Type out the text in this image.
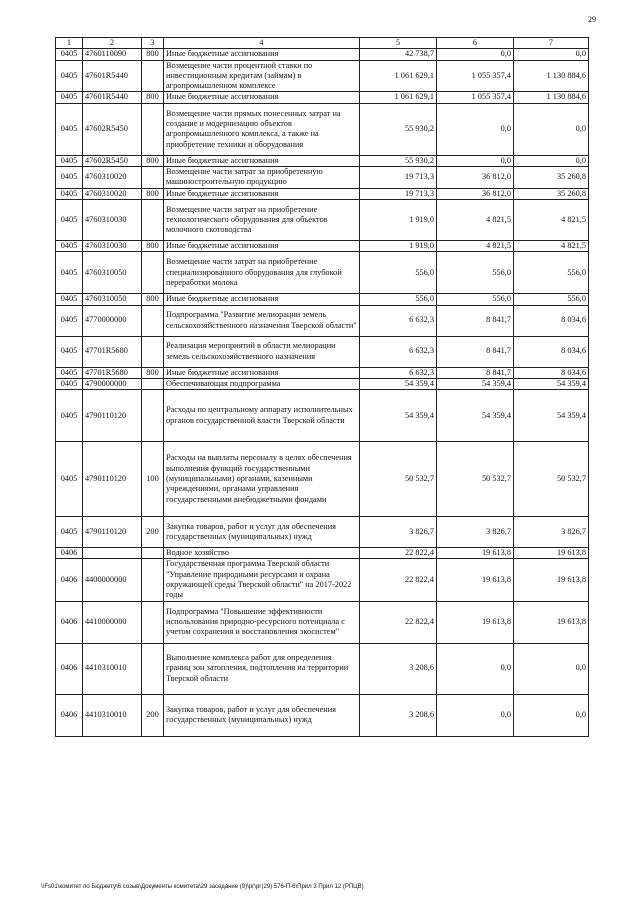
29
1	2	3	4	5	6	7
0405	4760110090	800	Иные бюджетные ассигнования	42 738,7	0,0	0,0
0405	47601R5440		Возмещение части процентной ставки по инвестиционным кредитам (займам) в агропромышленном комплексе	1 061 629,1	1 055 357,4	1 130 884,6
0405	47601R5440	800	Иные бюджетные ассигнования	1 061 629,1	1 055 357,4	1 130 884,6
0405	47602R5450		Возмещение части прямых понесенных затрат на создание и модернизацию объектов агропромышленного комплекса, а также на приобретение техники и оборудования	55 930,2	0,0	0,0
0405	47602R5450	800	Иные бюджетные ассигнования	55 930,2	0,0	0,0
0405	4760310020		Возмещение части затрат за приобретенную машиностроительную продукцию	19 713,3	36 812,0	35 260,8
0405	4760310020	800	Иные бюджетные ассигнования	19 713,3	36 812,0	35 260,8
0405	4760310030		Возмещение части затрат на приобретение технологического оборудования для объектов молочного скотоводства	1 919,0	4 821,5	4 821,5
0405	4760310030	800	Иные бюджетные ассигнования	1 919,0	4 821,5	4 821,5
0405	4760310050		Возмещение части затрат на приобретение специализированного оборудования для глубокой переработки молока	556,0	556,0	556,0
0405	4760310050	800	Иные бюджетные ассигнования	556,0	556,0	556,0
0405	4770000000		Подпрограмма "Развитие мелиорации земель сельскохозяйственного назначения Тверской области"	6 632,3	8 841,7	8 034,6
0405	47701R5680		Реализация мероприятий в области мелиорации земель сельскохозяйственного назначения	6 632,3	8 841,7	8 034,6
0405	47701R5680	800	Иные бюджетные ассигнования	6 632,3	8 841,7	8 034,6
0405	4790000000		Обеспечивающая подпрограмма	54 359,4	54 359,4	54 359,4
0405	4790110120		Расходы по центральному аппарату исполнительных органов государственной власти Тверской области	54 359,4	54 359,4	54 359,4
0405	4790110120	100	Расходы на выплаты персоналу в целях обеспечения выполнения функций государственными (муниципальными) органами, казенными учреждениями, органами управления государственными внебюджетными фондами	50 532,7	50 532,7	50 532,7
0405	4790110120	200	Закупка товаров, работ и услуг для обеспечения государственных (муниципальных) нужд	3 826,7	3 826,7	3 826,7
0406			Водное хозяйство	22 822,4	19 613,8	19 613,8
0406	4400000000		Государственная программа Тверской области "Управление природными ресурсами и охрана окружающей среды Тверской области" на 2017-2022 годы	22 822,4	19 613,8	19 613,8
0406	4410000000		Подпрограмма "Повышение эффективности использования природно-ресурсного потенциала с учетом сохранения и восстановления экосистем"	22 822,4	19 613,8	19 613,8
0406	4410310010		Выполнение комплекса работ для определения границ зон затопления, подтопления на территории Тверской области	3 208,6	0,0	0,0
0406	4410310010	200	Закупка товаров, работ и услуг для обеспечения государственных (муниципальных) нужд	3 208,6	0,0	0,0
\\Fs01\комитет по Бюджету\6 созыв\Документы комитета\29 заседание (9)\рг\рг(29) 576-П-6\Прил 3 Прил 12 (РПЦВ)
